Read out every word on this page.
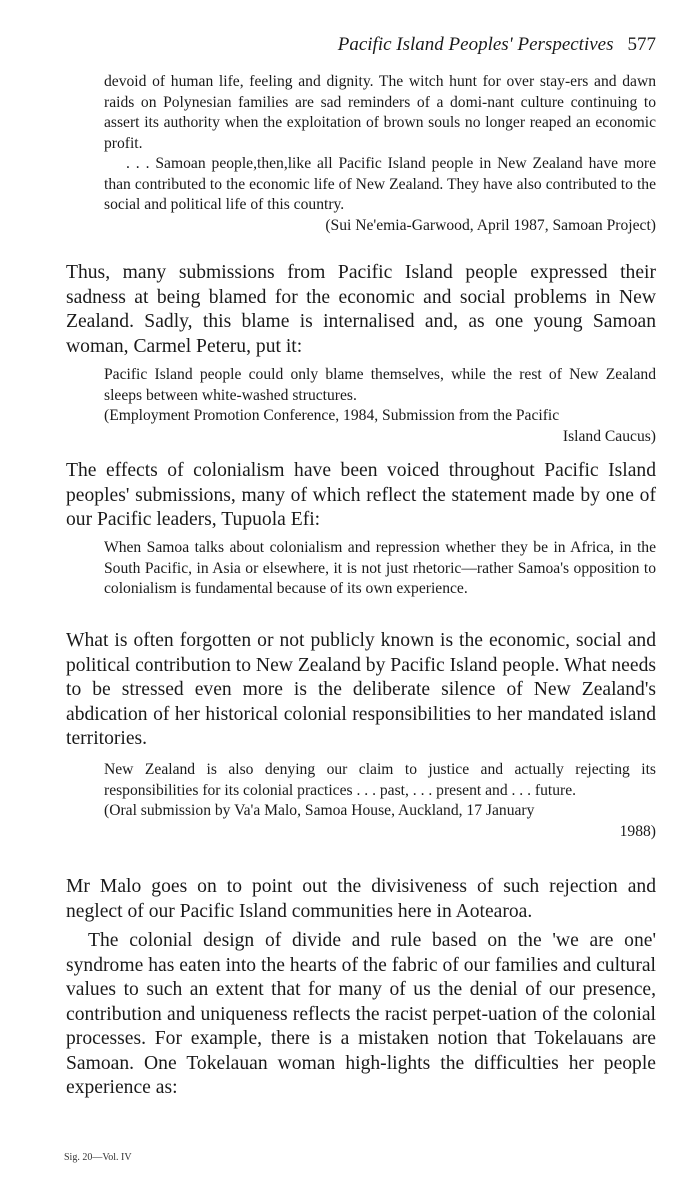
Pacific Island Peoples' Perspectives 577

devoid of human life, feeling and dignity. The witch hunt for over stay-ers and dawn raids on Polynesian families are sad reminders of a domi-nant culture continuing to assert its authority when the exploitation of brown souls no longer reaped an economic profit.

. . . Samoan people,then,like all Pacific Island people in New Zealand have more than contributed to the economic life of New Zealand. They have also contributed to the social and political life of this country.

(Sui Ne'emia-Garwood, April 1987, Samoan Project)

Thus, many submissions from Pacific Island people expressed their sadness at being blamed for the economic and social problems in New Zealand. Sadly, this blame is internalised and, as one young Samoan woman, Carmel Peteru, put it:

Pacific Island people could only blame themselves, while the rest of New Zealand sleeps between white-washed structures.

(Employment Promotion Conference, 1984, Submission from the Pacific

Island Caucus)

The effects of colonialism have been voiced throughout Pacific Island peoples' submissions, many of which reflect the statement made by one of our Pacific leaders, Tupuola Efi:

When Samoa talks about colonialism and repression whether they be in Africa, in the South Pacific, in Asia or elsewhere, it is not just rhetoric—rather Samoa's opposition to colonialism is fundamental because of its own experience.

What is often forgotten or not publicly known is the economic, social and political contribution to New Zealand by Pacific Island people. What needs to be stressed even more is the deliberate silence of New Zealand's abdication of her historical colonial responsibilities to her mandated island territories.

New Zealand is also denying our claim to justice and actually rejecting its responsibilities for its colonial practices . . . past, . . . present and . . . future.

(Oral submission by Va'a Malo, Samoa House, Auckland, 17 January

1988)

Mr Malo goes on to point out the divisiveness of such rejection and neglect of our Pacific Island communities here in Aotearoa.

The colonial design of divide and rule based on the 'we are one' syndrome has eaten into the hearts of the fabric of our families and cultural values to such an extent that for many of us the denial of our presence, contribution and uniqueness reflects the racist perpet-uation of the colonial processes. For example, there is a mistaken notion that Tokelauans are Samoan. One Tokelauan woman high-lights the difficulties her people experience as:

Sig. 20—Vol. IV
